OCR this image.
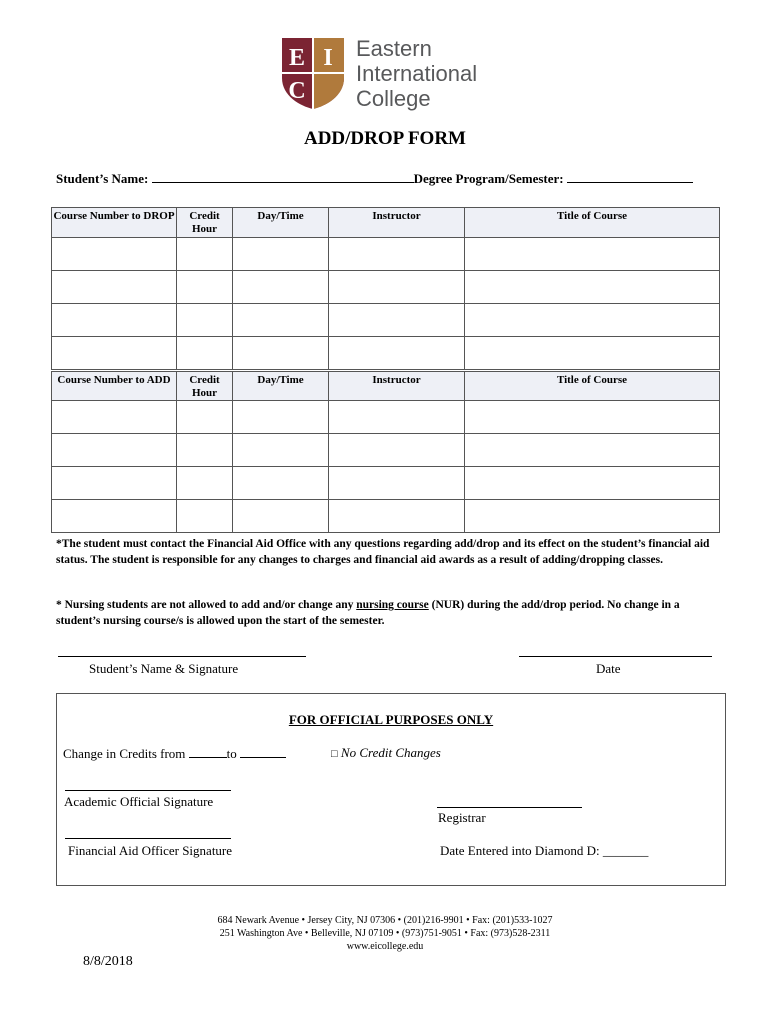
E I
C
Eastern
International
College
ADD/DROP FORM
Student’s Name:	Degree Program/Semester:
Course Number to DROP	Credit Hour	Day/Time	Instructor	Title of Course

Course Number to ADD	Credit Hour	Day/Time	Instructor	Title of Course

*The student must contact the Financial Aid Office with any questions regarding add/drop and its effect on the student’s financial aid status. The student is responsible for any changes to charges and financial aid awards as a result of adding/dropping classes.
* Nursing students are not allowed to add and/or change any nursing course (NUR) during the add/drop period. No change in a student’s nursing course/s is allowed upon the start of the semester.
Student’s Name & Signature	Date
FOR OFFICIAL PURPOSES ONLY
Change in Credits from	to	□ No Credit Changes
Academic Official Signature
Registrar
Financial Aid Officer Signature	Date Entered into Diamond D: _______
684 Newark Avenue • Jersey City, NJ 07306 • (201)216-9901 • Fax: (201)533-1027
251 Washington Ave • Belleville, NJ 07109 • (973)751-9051 • Fax: (973)528-2311
www.eicollege.edu
8/8/2018
